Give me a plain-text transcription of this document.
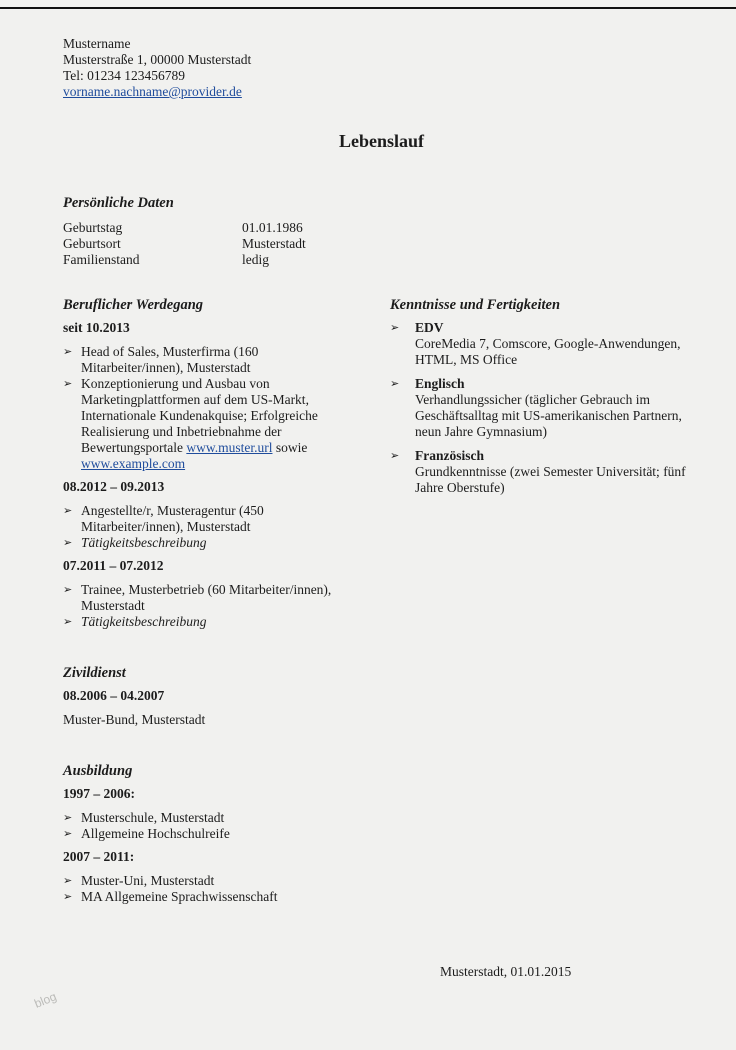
Mustername
Musterstraße 1, 00000 Musterstadt
Tel: 01234 123456789
vorname.nachname@provider.de
Lebenslauf
Persönliche Daten
Geburtstag	01.01.1986
Geburtsort	Musterstadt
Familienstand	ledig
Beruflicher Werdegang
seit 10.2013
➢ Head of Sales, Musterfirma (160 Mitarbeiter/innen), Musterstadt
➢ Konzeptionierung und Ausbau von Marketingplattformen auf dem US-Markt, Internationale Kundenakquise; Erfolgreiche Realisierung und Inbetriebnahme der Bewertungsportale www.muster.url sowie www.example.com
08.2012 – 09.2013
➢ Angestellte/r, Musteragentur (450 Mitarbeiter/innen), Musterstadt
➢ Tätigkeitsbeschreibung
07.2011 – 07.2012
➢ Trainee, Musterbetrieb (60 Mitarbeiter/innen), Musterstadt
➢ Tätigkeitsbeschreibung
Zivildienst
08.2006 – 04.2007
Muster-Bund, Musterstadt
Ausbildung
1997 – 2006:
➢ Musterschule, Musterstadt
➢ Allgemeine Hochschulreife
2007 – 2011:
➢ Muster-Uni, Musterstadt
➢ MA Allgemeine Sprachwissenschaft
Kenntnisse und Fertigkeiten
➢	EDV
CoreMedia 7, Comscore, Google-Anwendungen, HTML, MS Office
➢	Englisch
Verhandlungssicher (täglicher Gebrauch im Geschäftsalltag mit US-amerikanischen Partnern, neun Jahre Gymnasium)
➢	Französisch
Grundkenntnisse (zwei Semester Universität; fünf Jahre Oberstufe)
Musterstadt, 01.01.2015
blog
